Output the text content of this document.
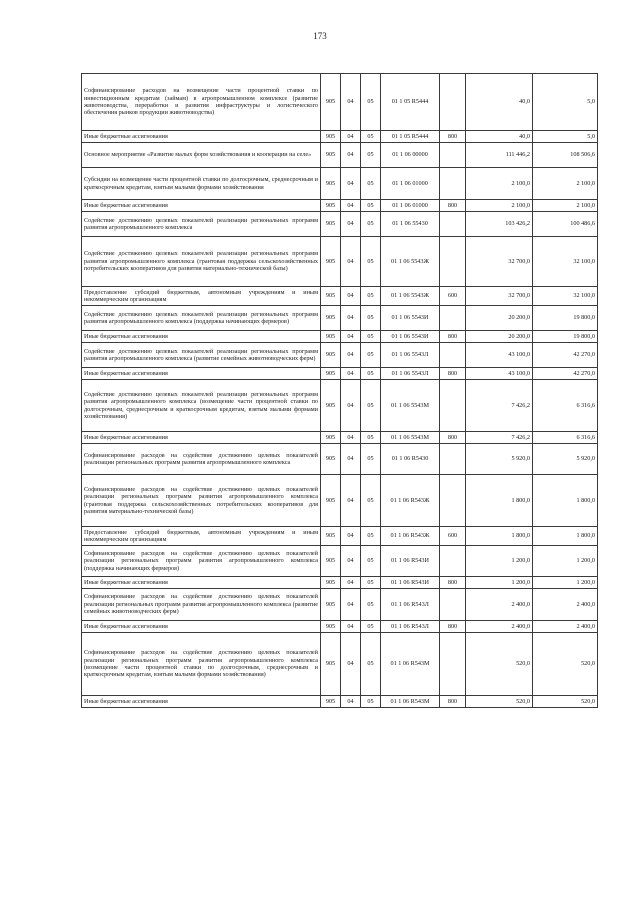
173
Софинансирование расходов на возмещение части процентной ставки по инвестиционным кредитам (займам) в агропромышленном комплексе (развитие животноводства, переработки и развития инфраструктуры и логистического обеспечения рынков продукции животноводства)	905	04	05	01 1 05 R5444		40,0	5,0
Иные бюджетные ассигнования	905	04	05	01 1 05 R5444	800	40,0	5,0
Основное мероприятие «Развитие малых форм хозяйствования и кооперации на селе»	905	04	05	01 1 06 00000		111 446,2	108 506,6
Субсидии на возмещение части процентной ставки по долгосрочным, среднесрочным и краткосрочным кредитам, взятым малыми формами хозяйствования	905	04	05	01 1 06 01000		2 100,0	2 100,0
Иные бюджетные ассигнования	905	04	05	01 1 06 01000	800	2 100,0	2 100,0
Содействие достижению целевых показателей реализации региональных программ развития агропромышленного комплекса	905	04	05	01 1 06 55430		103 426,2	100 486,6
Содействие достижению целевых показателей реализации региональных программ развития агропромышленного комплекса (грантовая поддержка сельскохозяйственных потребительских кооперативов для развития материально-технической базы)	905	04	05	01 1 06 5543Ж		32 700,0	32 100,0
Предоставление субсидий бюджетным, автономным учреждениям и иным некоммерческим организациям	905	04	05	01 1 06 5543Ж	600	32 700,0	32 100,0
Содействие достижению целевых показателей реализации региональных программ развития агропромышленного комплекса (поддержка начинающих фермеров)	905	04	05	01 1 06 5543И		20 200,0	19 800,0
Иные бюджетные ассигнования	905	04	05	01 1 06 5543И	800	20 200,0	19 800,0
Содействие достижению целевых показателей реализации региональных программ развития агропромышленного комплекса (развитие семейных животноводческих ферм)	905	04	05	01 1 06 5543Л		43 100,0	42 270,0
Иные бюджетные ассигнования	905	04	05	01 1 06 5543Л	800	43 100,0	42 270,0
Содействие достижению целевых показателей реализации региональных программ развития агропромышленного комплекса (возмещение части процентной ставки по долгосрочным, среднесрочным и краткосрочным кредитам, взятым малыми формами хозяйствования)	905	04	05	01 1 06 5543М		7 426,2	6 316,6
Иные бюджетные ассигнования	905	04	05	01 1 06 5543М	800	7 426,2	6 316,6
Софинансирование расходов на содействие достижению целевых показателей реализации региональных программ развития агропромышленного комплекса	905	04	05	01 1 06 R5430		5 920,0	5 920,0
Софинансирование расходов на содействие достижению целевых показателей реализации региональных программ развития агропромышленного комплекса (грантовая поддержка сельскохозяйственных потребительских кооперативов для развития материально-технической базы)	905	04	05	01 1 06 R543Ж		1 800,0	1 800,0
Предоставление субсидий бюджетным, автономным учреждениям и иным некоммерческим организациям	905	04	05	01 1 06 R543Ж	600	1 800,0	1 800,0
Софинансирование расходов на содействие достижению целевых показателей реализации региональных программ развития агропромышленного комплекса (поддержка начинающих фермеров)	905	04	05	01 1 06 R543И		1 200,0	1 200,0
Иные бюджетные ассигнования	905	04	05	01 1 06 R543И	800	1 200,0	1 200,0
Софинансирование расходов на содействие достижению целевых показателей реализации региональных программ развития агропромышленного комплекса (развитие семейных животноводческих ферм)	905	04	05	01 1 06 R543Л		2 400,0	2 400,0
Иные бюджетные ассигнования	905	04	05	01 1 06 R543Л	800	2 400,0	2 400,0
Софинансирование расходов на содействие достижению целевых показателей реализации региональных программ развития агропромышленного комплекса (возмещение части процентной ставки по долгосрочным, среднесрочным и краткосрочным кредитам, взятым малыми формами хозяйствования)	905	04	05	01 1 06 R543М		520,0	520,0
Иные бюджетные ассигнования	905	04	05	01 1 06 R543М	800	520,0	520,0
